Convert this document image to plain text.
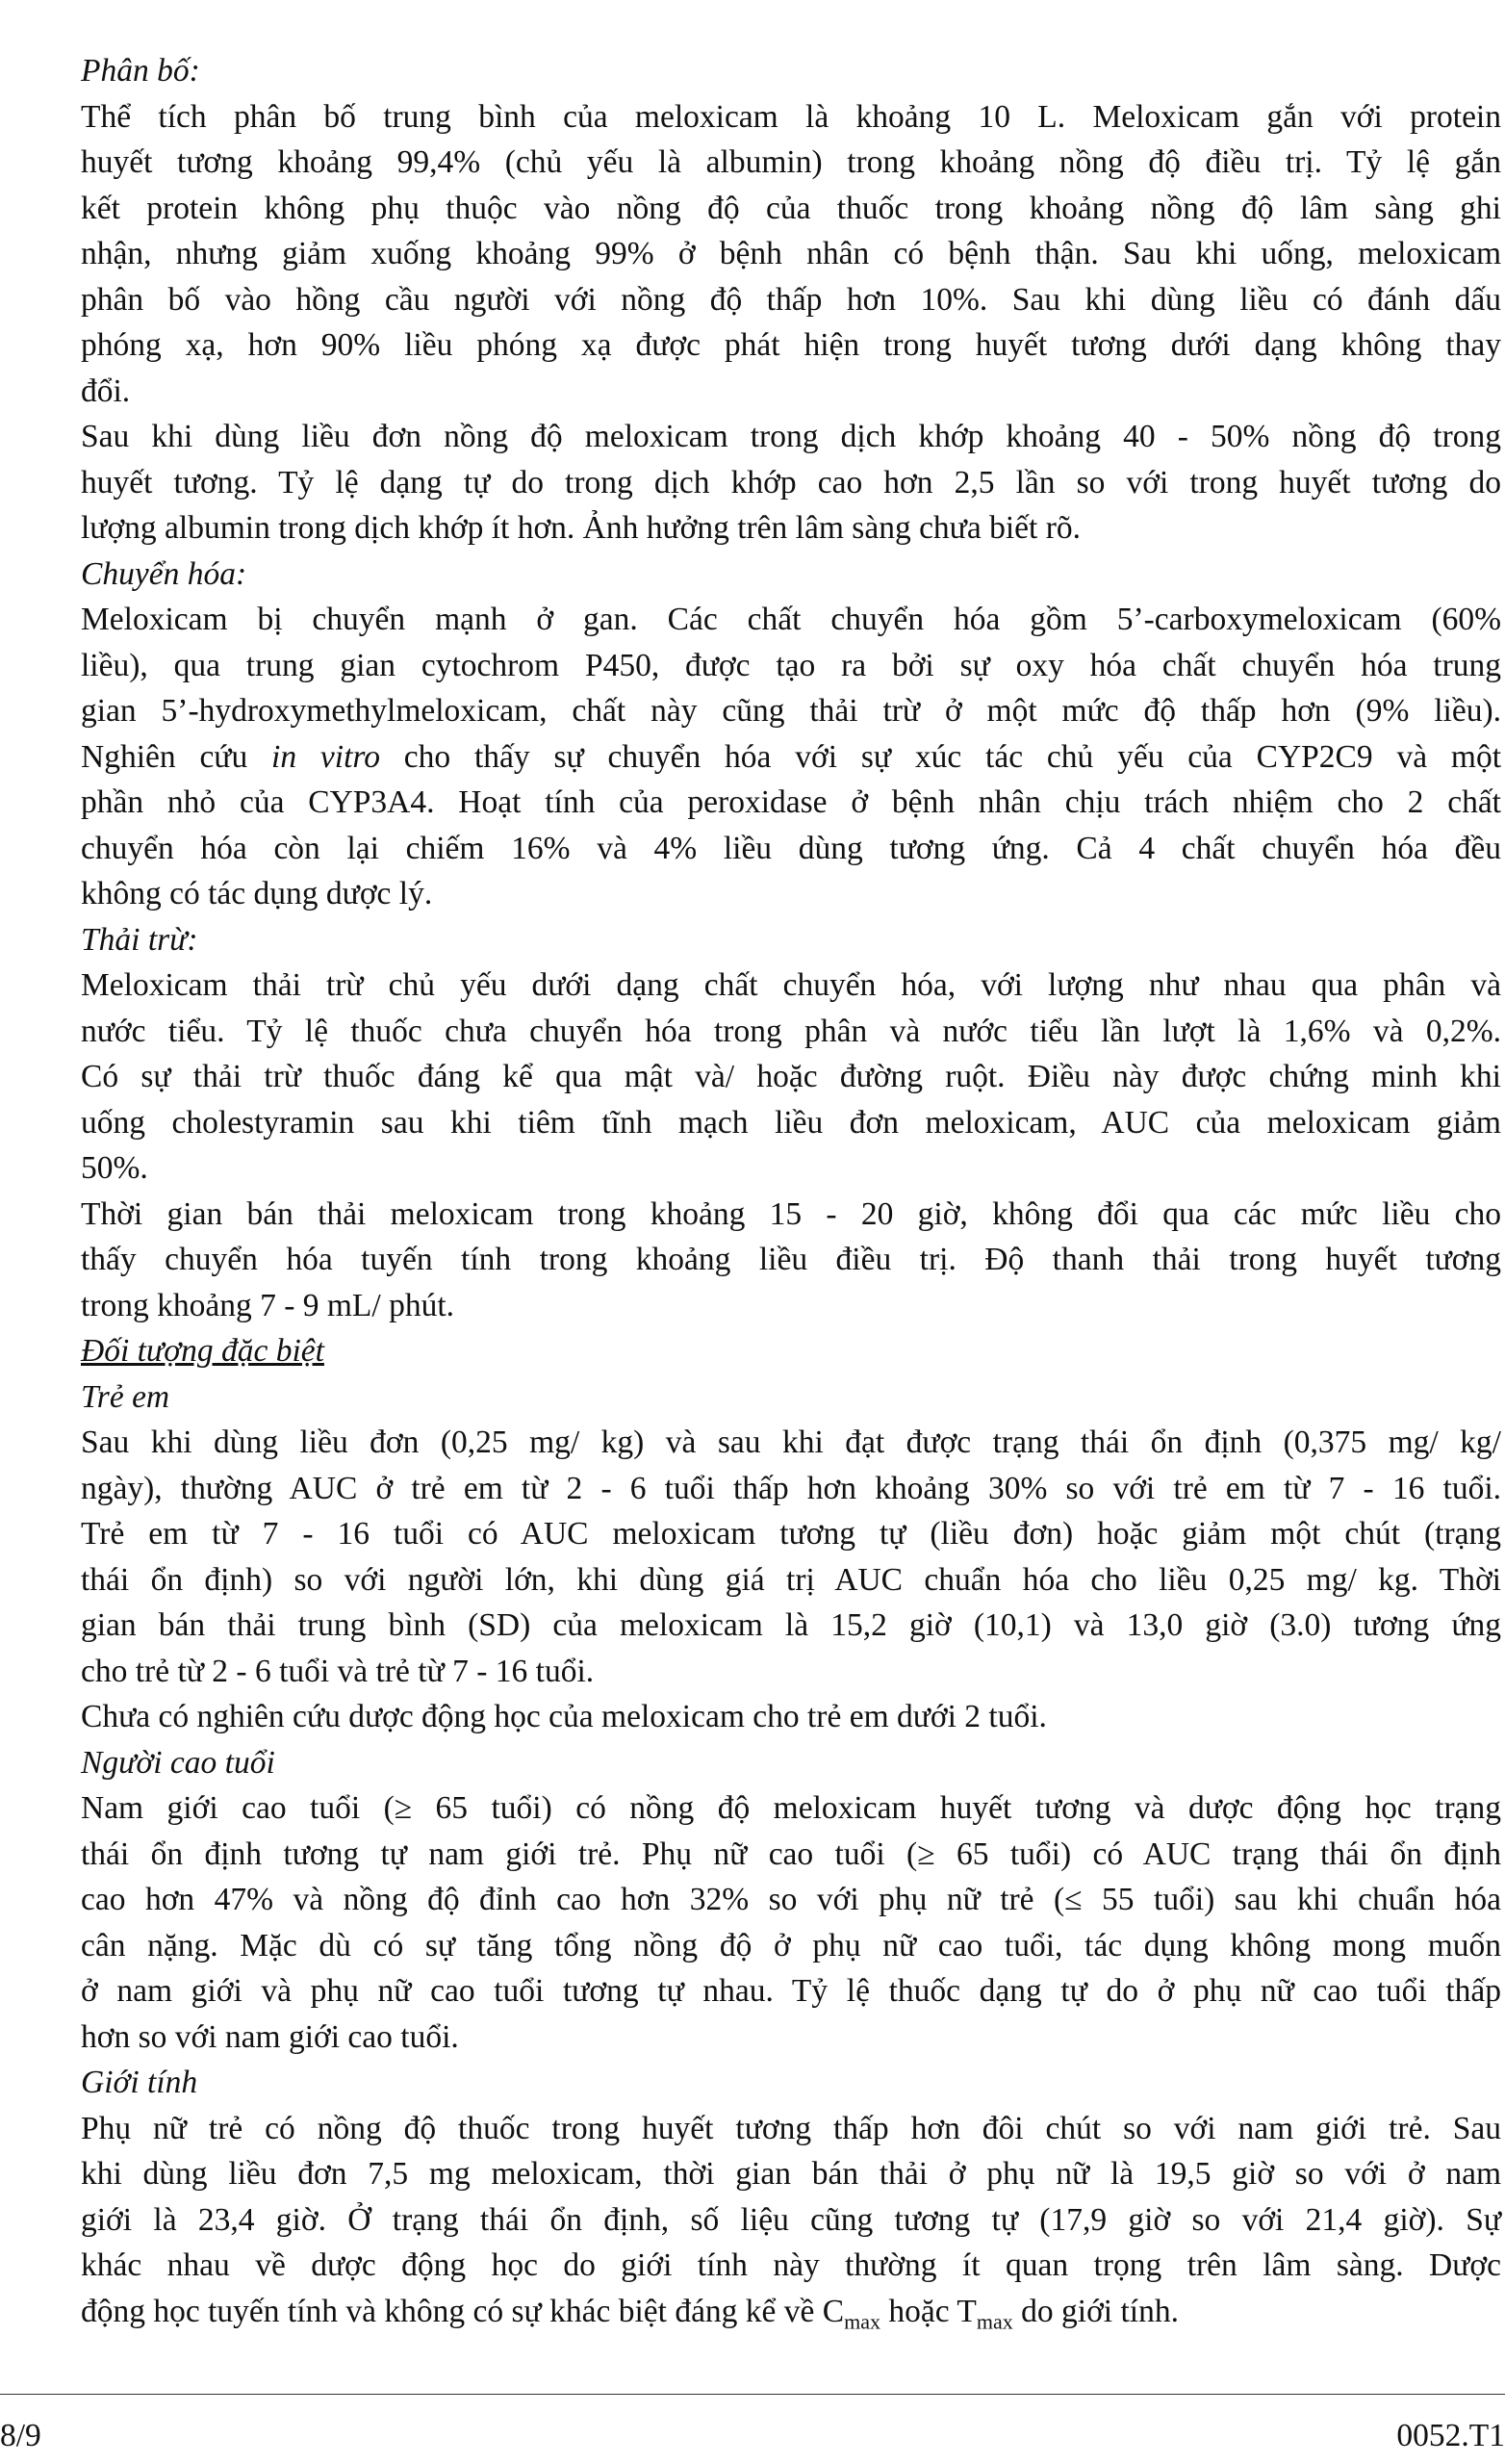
Phân bố:
Thể tích phân bố trung bình của meloxicam là khoảng 10 L. Meloxicam gắn với protein
huyết tương khoảng 99,4% (chủ yếu là albumin) trong khoảng nồng độ điều trị. Tỷ lệ gắn
kết protein không phụ thuộc vào nồng độ của thuốc trong khoảng nồng độ lâm sàng ghi
nhận, nhưng giảm xuống khoảng 99% ở bệnh nhân có bệnh thận. Sau khi uống, meloxicam
phân bố vào hồng cầu người với nồng độ thấp hơn 10%. Sau khi dùng liều có đánh dấu
phóng xạ, hơn 90% liều phóng xạ được phát hiện trong huyết tương dưới dạng không thay
đổi.
Sau khi dùng liều đơn nồng độ meloxicam trong dịch khớp khoảng 40 - 50% nồng độ trong
huyết tương. Tỷ lệ dạng tự do trong dịch khớp cao hơn 2,5 lần so với trong huyết tương do
lượng albumin trong dịch khớp ít hơn. Ảnh hưởng trên lâm sàng chưa biết rõ.
Chuyển hóa:
Meloxicam bị chuyển mạnh ở gan. Các chất chuyển hóa gồm 5’-carboxymeloxicam (60%
liều), qua trung gian cytochrom P450, được tạo ra bởi sự oxy hóa chất chuyển hóa trung
gian 5’-hydroxymethylmeloxicam, chất này cũng thải trừ ở một mức độ thấp hơn (9% liều).
Nghiên cứu in vitro cho thấy sự chuyển hóa với sự xúc tác chủ yếu của CYP2C9 và một
phần nhỏ của CYP3A4. Hoạt tính của peroxidase ở bệnh nhân chịu trách nhiệm cho 2 chất
chuyển hóa còn lại chiếm 16% và 4% liều dùng tương ứng. Cả 4 chất chuyển hóa đều
không có tác dụng dược lý.
Thải trừ:
Meloxicam thải trừ chủ yếu dưới dạng chất chuyển hóa, với lượng như nhau qua phân và
nước tiểu. Tỷ lệ thuốc chưa chuyển hóa trong phân và nước tiểu lần lượt là 1,6% và 0,2%.
Có sự thải trừ thuốc đáng kể qua mật và/ hoặc đường ruột. Điều này được chứng minh khi
uống cholestyramin sau khi tiêm tĩnh mạch liều đơn meloxicam, AUC của meloxicam giảm
50%.
Thời gian bán thải meloxicam trong khoảng 15 - 20 giờ, không đổi qua các mức liều cho
thấy chuyển hóa tuyến tính trong khoảng liều điều trị. Độ thanh thải trong huyết tương
trong khoảng 7 - 9 mL/ phút.
Đối tượng đặc biệt
Trẻ em
Sau khi dùng liều đơn (0,25 mg/ kg) và sau khi đạt được trạng thái ổn định (0,375 mg/ kg/
ngày), thường AUC ở trẻ em từ 2 - 6 tuổi thấp hơn khoảng 30% so với trẻ em từ 7 - 16 tuổi.
Trẻ em từ 7 - 16 tuổi có AUC meloxicam tương tự (liều đơn) hoặc giảm một chút (trạng
thái ổn định) so với người lớn, khi dùng giá trị AUC chuẩn hóa cho liều 0,25 mg/ kg. Thời
gian bán thải trung bình (SD) của meloxicam là 15,2 giờ (10,1) và 13,0 giờ (3.0) tương ứng
cho trẻ từ 2 - 6 tuổi và trẻ từ 7 - 16 tuổi.
Chưa có nghiên cứu dược động học của meloxicam cho trẻ em dưới 2 tuổi.
Người cao tuổi
Nam giới cao tuổi (≥ 65 tuổi) có nồng độ meloxicam huyết tương và dược động học trạng
thái ổn định tương tự nam giới trẻ. Phụ nữ cao tuổi (≥ 65 tuổi) có AUC trạng thái ổn định
cao hơn 47% và nồng độ đỉnh cao hơn 32% so với phụ nữ trẻ (≤ 55 tuổi) sau khi chuẩn hóa
cân nặng. Mặc dù có sự tăng tổng nồng độ ở phụ nữ cao tuổi, tác dụng không mong muốn
ở nam giới và phụ nữ cao tuổi tương tự nhau. Tỷ lệ thuốc dạng tự do ở phụ nữ cao tuổi thấp
hơn so với nam giới cao tuổi.
Giới tính
Phụ nữ trẻ có nồng độ thuốc trong huyết tương thấp hơn đôi chút so với nam giới trẻ. Sau
khi dùng liều đơn 7,5 mg meloxicam, thời gian bán thải ở phụ nữ là 19,5 giờ so với ở nam
giới là 23,4 giờ. Ở trạng thái ổn định, số liệu cũng tương tự (17,9 giờ so với 21,4 giờ). Sự
khác nhau về dược động học do giới tính này thường ít quan trọng trên lâm sàng. Dược
động học tuyến tính và không có sự khác biệt đáng kể về $C_{max}$ hoặc $T_{max}$ do giới tính.
8/9	0052.T1
